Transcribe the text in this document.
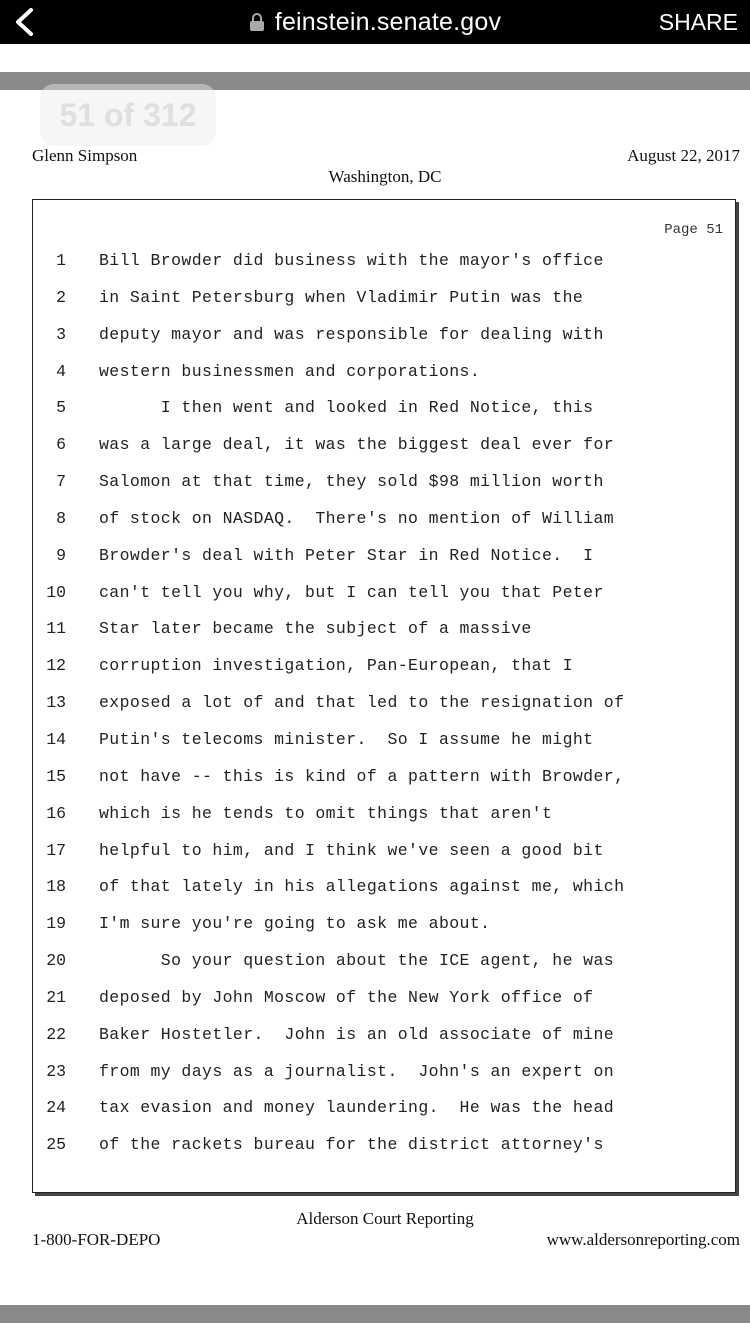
feinstein.senate.gov	SHARE
51 of 312
Glenn Simpson	August 22, 2017
Washington, DC
Page 51
1 Bill Browder did business with the mayor's office
2 in Saint Petersburg when Vladimir Putin was the
3 deputy mayor and was responsible for dealing with
4 western businessmen and corporations.
5 I then went and looked in Red Notice, this
6 was a large deal, it was the biggest deal ever for
7 Salomon at that time, they sold $98 million worth
8 of stock on NASDAQ.  There's no mention of William
9 Browder's deal with Peter Star in Red Notice.  I
10 can't tell you why, but I can tell you that Peter
11 Star later became the subject of a massive
12 corruption investigation, Pan-European, that I
13 exposed a lot of and that led to the resignation of
14 Putin's telecoms minister.  So I assume he might
15 not have -- this is kind of a pattern with Browder,
16 which is he tends to omit things that aren't
17 helpful to him, and I think we've seen a good bit
18 of that lately in his allegations against me, which
19 I'm sure you're going to ask me about.
20 So your question about the ICE agent, he was
21 deposed by John Moscow of the New York office of
22 Baker Hostetler.  John is an old associate of mine
23 from my days as a journalist.  John's an expert on
24 tax evasion and money laundering.  He was the head
25 of the rackets bureau for the district attorney's
Alderson Court Reporting
1-800-FOR-DEPO	www.aldersonreporting.com
